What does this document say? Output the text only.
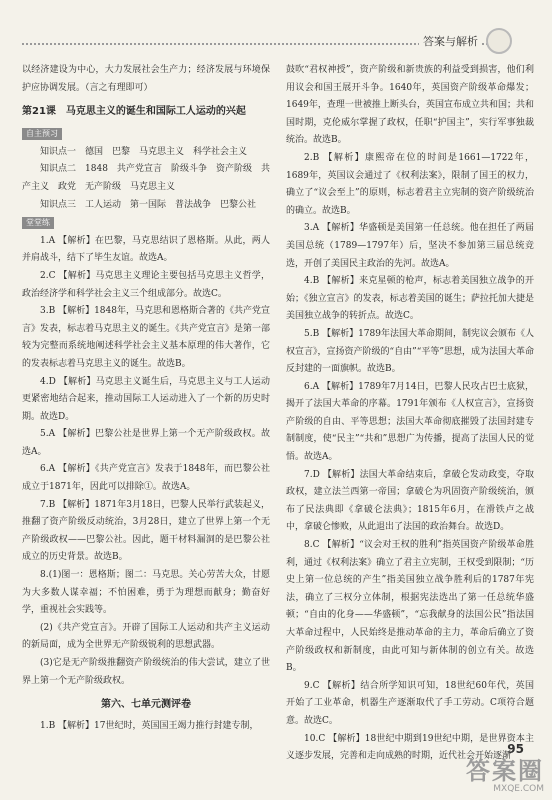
答案与解析

以经济建设为中心，大力发展社会生产力；经济发展与环境保护应协调发展。（言之有理即可）

第21课　马克思主义的诞生和国际工人运动的兴起
自主预习

知识点一　德国　巴黎　马克思主义　科学社会主义

知识点二　1848　共产党宣言　阶级斗争　资产阶级　共产主义　政党　无产阶级　马克思主义

知识点三　工人运动　第一国际　普法战争　巴黎公社

堂堂练

1.A 【解析】在巴黎，马克思结识了恩格斯。从此，两人并肩战斗，结下了毕生友谊。故选A。

2.C 【解析】马克思主义理论主要包括马克思主义哲学，政治经济学和科学社会主义三个组成部分。故选C。

3.B 【解析】1848年，马克思和恩格斯合著的《共产党宣言》发表，标志着马克思主义的诞生。《共产党宣言》是第一部较为完整而系统地阐述科学社会主义基本原理的伟大著作，它的发表标志着马克思主义的诞生。故选B。

4.D 【解析】马克思主义诞生后，马克思主义与工人运动更紧密地结合起来，推动国际工人运动进入了一个新的历史时期。故选D。

5.A 【解析】巴黎公社是世界上第一个无产阶级政权。故选A。

6.A 【解析】《共产党宣言》发表于1848年，而巴黎公社成立于1871年，因此可以排除①。故选A。

7.B 【解析】1871年3月18日，巴黎人民举行武装起义，推翻了资产阶级反动统治，3月28日，建立了世界上第一个无产阶级政权——巴黎公社。因此，题干材料漏洞的是巴黎公社成立的历史背景。故选B。

8.(1)图一：恩格斯；图二：马克思。关心劳苦大众，甘愿为大多数人谋幸福；不怕困难，勇于为理想而献身；勤奋好学，重视社会实践等。

(2)《共产党宣言》。开辟了国际工人运动和共产主义运动的新局面，成为全世界无产阶级锐利的思想武器。

(3)它是无产阶级推翻资产阶级统治的伟大尝试，建立了世界上第一个无产阶级政权。

第六、七单元测评卷

1.B 【解析】17世纪时，英国国王竭力推行封建专制，

鼓吹“君权神授”，资产阶级和新贵族的利益受到损害，他们利用议会和国王展开斗争。1640年，英国资产阶级革命爆发；1649年，查理一世被推上断头台，英国宣布成立共和国；共和国时期，克伦威尔掌握了政权，任职“护国主”，实行军事独裁统治。故选B。

2.B 【解析】康熙帝在位的时间是1661—1722年，1689年，英国议会通过了《权利法案》，限制了国王的权力，确立了“议会至上”的原则，标志着君主立宪制的资产阶级统治的确立。故选B。

3.A 【解析】华盛顿是美国第一任总统。他在担任了两届美国总统（1789—1797年）后，坚决不参加第三届总统竞选，开创了美国民主政治的先河。故选A。

4.B 【解析】来克星顿的枪声，标志着美国独立战争的开始；《独立宣言》的发表，标志着美国的诞生；萨拉托加大捷是美国独立战争的转折点。故选C。

5.B 【解析】1789年法国大革命期间，制宪议会颁布《人权宣言》，宣扬资产阶级的“自由”“平等”思想，成为法国大革命反封建的一面旗帜。故选B。

6.A 【解析】1789年7月14日，巴黎人民攻占巴士底狱，揭开了法国大革命的序幕。1791年颁布《人权宣言》，宣扬资产阶级的自由、平等思想；法国大革命彻底摧毁了法国封建专制制度，使“民主”“共和”思想广为传播，提高了法国人民的觉悟。故选A。

7.D 【解析】法国大革命结束后，拿破仑发动政变，夺取政权，建立法兰西第一帝国；拿破仑为巩固资产阶级统治，颁布了民法典即《拿破仑法典》；1815年6月，在滑铁卢之战中，拿破仑惨败，从此退出了法国的政治舞台。故选D。

8.C 【解析】“议会对王权的胜利”指英国资产阶级革命胜利，通过《权利法案》确立了君主立宪制，王权受到限制；“历史上第一位总统的产生”指美国独立战争胜利后的1787年宪法，确立了三权分立体制，根据宪法选出了第一任总统华盛顿；“自由的化身——华盛顿”，“忘我献身的法国公民”指法国大革命过程中，人民始终是推动革命的主力，革命后确立了资产阶级政权和新制度，由此可知与新体制的创立有关。故选B。

9.C 【解析】结合所学知识可知，18世纪60年代，英国开始了工业革命，机器生产逐渐取代了手工劳动。C项符合题意。故选C。

10.C 【解析】18世纪中期到19世纪中期，是世界资本主义逐步发展，完善和走向成熟的时期，近代社会开始逐渐

95
答案圈
MXQE.COM
